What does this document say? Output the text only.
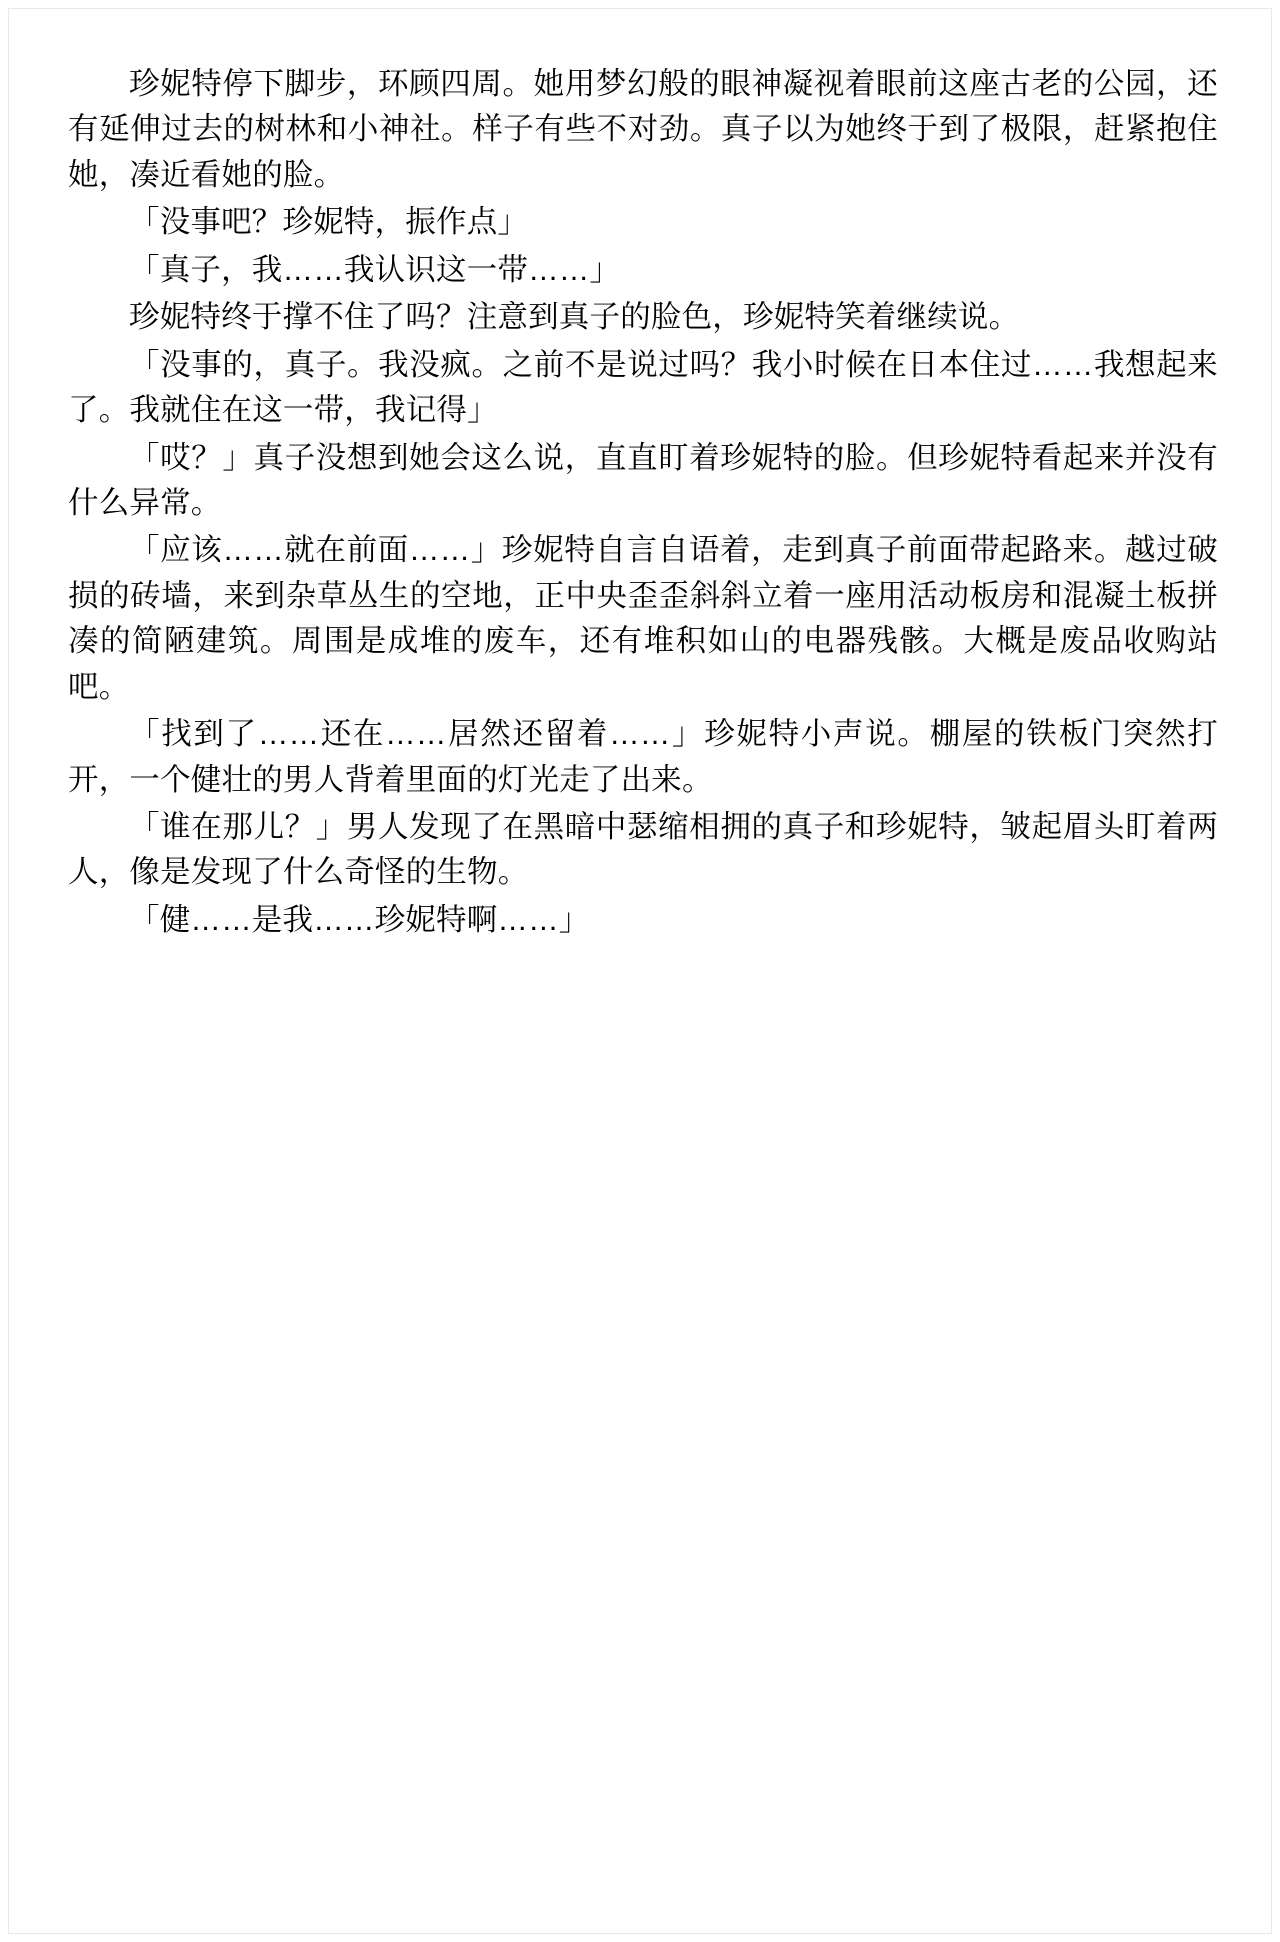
珍妮特停下脚步，环顾四周。她用梦幻般的眼神凝视着眼前这座古老的公园，还有延伸过去的树林和小神社。样子有些不对劲。真子以为她终于到了极限，赶紧抱住她，凑近看她的脸。

「没事吧？珍妮特，振作点」

「真子，我……我认识这一带……」

珍妮特终于撑不住了吗？注意到真子的脸色，珍妮特笑着继续说。

「没事的，真子。我没疯。之前不是说过吗？我小时候在日本住过……我想起来了。我就住在这一带，我记得」

「哎？」真子没想到她会这么说，直直盯着珍妮特的脸。但珍妮特看起来并没有什么异常。

「应该……就在前面……」珍妮特自言自语着，走到真子前面带起路来。越过破损的砖墙，来到杂草丛生的空地，正中央歪歪斜斜立着一座用活动板房和混凝土板拼凑的简陋建筑。周围是成堆的废车，还有堆积如山的电器残骸。大概是废品收购站吧。

「找到了……还在……居然还留着……」珍妮特小声说。棚屋的铁板门突然打开，一个健壮的男人背着里面的灯光走了出来。

「谁在那儿？」男人发现了在黑暗中瑟缩相拥的真子和珍妮特，皱起眉头盯着两人，像是发现了什么奇怪的生物。

「健……是我……珍妮特啊……」
